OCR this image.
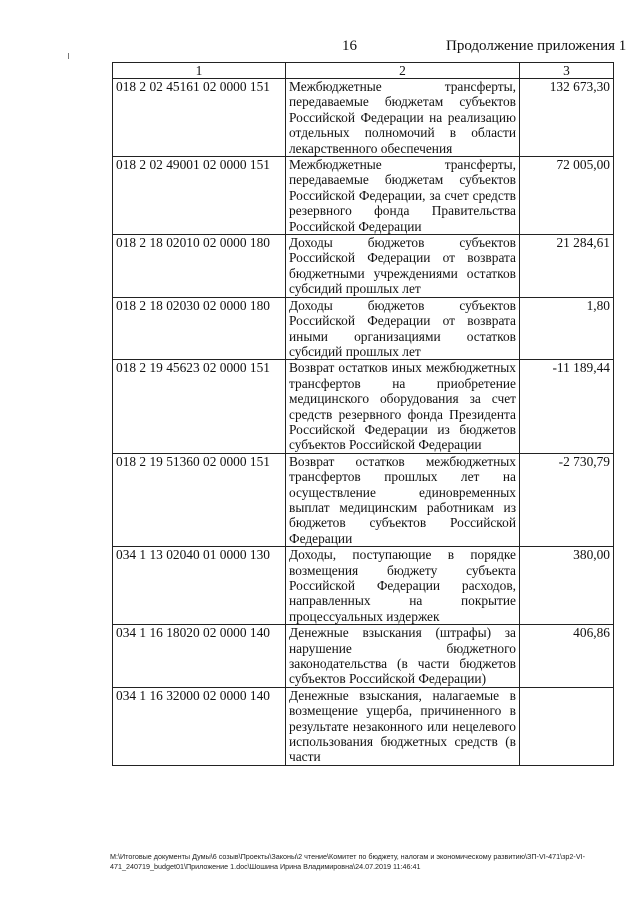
16	Продолжение приложения 1
1	2	3
018 2 02 45161 02 0000 151	Межбюджетные трансферты, передаваемые бюджетам субъектов Российской Федерации на реализацию отдельных полномочий в области лекарственного обеспечения	132 673,30
018 2 02 49001 02 0000 151	Межбюджетные трансферты, передаваемые бюджетам субъектов Российской Федерации, за счет средств резервного фонда Правительства Российской Федерации	72 005,00
018 2 18 02010 02 0000 180	Доходы бюджетов субъектов Российской Федерации от возврата бюджетными учреждениями остатков субсидий прошлых лет	21 284,61
018 2 18 02030 02 0000 180	Доходы бюджетов субъектов Российской Федерации от возврата иными организациями остатков субсидий прошлых лет	1,80
018 2 19 45623 02 0000 151	Возврат остатков иных межбюджетных трансфертов на приобретение медицинского оборудования за счет средств резервного фонда Президента Российской Федерации из бюджетов субъектов Российской Федерации	-11 189,44
018 2 19 51360 02 0000 151	Возврат остатков межбюджетных трансфертов прошлых лет на осуществление единовременных выплат медицинским работникам из бюджетов субъектов Российской Федерации	-2 730,79
034 1 13 02040 01 0000 130	Доходы, поступающие в порядке возмещения бюджету субъекта Российской Федерации расходов, направленных на покрытие процессуальных издержек	380,00
034 1 16 18020 02 0000 140	Денежные взыскания (штрафы) за нарушение бюджетного законодательства (в части бюджетов субъектов Российской Федерации)	406,86
034 1 16 32000 02 0000 140	Денежные взыскания, налагаемые в возмещение ущерба, причиненного в результате незаконного или нецелевого использования бюджетных средств (в части	
M:\Итоговые документы Думы\6 созыв\Проекты\Законы\2 чтение\Комитет по бюджету, налогам и экономическому развитию\ЗП-VI-471\зр2-VI-471_240719_budget01\Приложение 1.doc\Шошина Ирина Владимировна\24.07.2019 11:46:41
